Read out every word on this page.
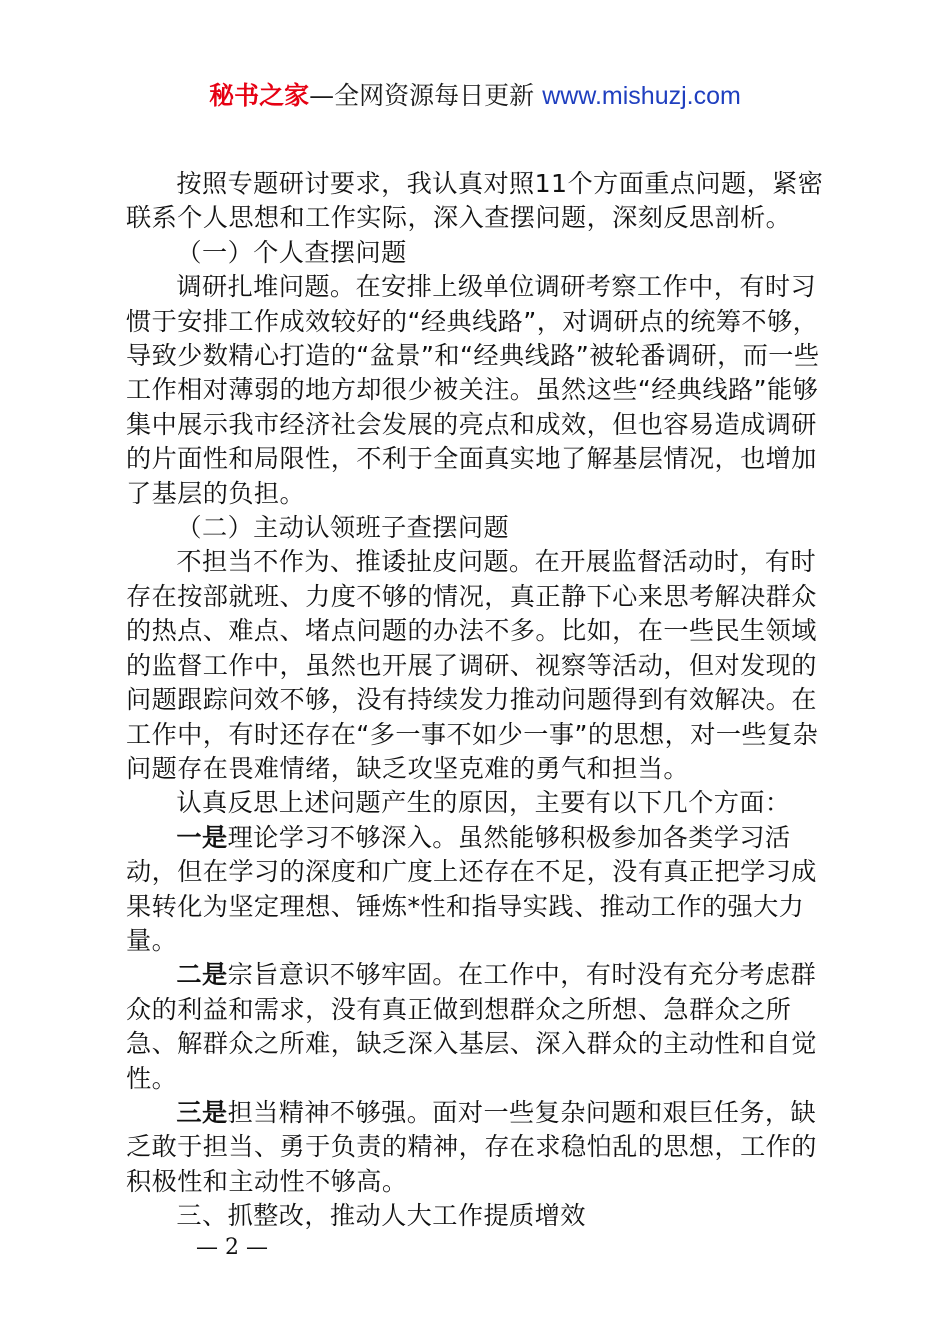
秘书之家—全网资源每日更新 www.mishuzj.com

按照专题研讨要求，我认真对照11个方面重点问题，紧密联系个人思想和工作实际，深入查摆问题，深刻反思剖析。

（一）个人查摆问题

调研扎堆问题。在安排上级单位调研考察工作中，有时习惯于安排工作成效较好的“经典线路”，对调研点的统筹不够，导致少数精心打造的“盆景”和“经典线路”被轮番调研，而一些工作相对薄弱的地方却很少被关注。虽然这些“经典线路”能够集中展示我市经济社会发展的亮点和成效，但也容易造成调研的片面性和局限性，不利于全面真实地了解基层情况，也增加了基层的负担。

（二）主动认领班子查摆问题

不担当不作为、推诿扯皮问题。在开展监督活动时，有时存在按部就班、力度不够的情况，真正静下心来思考解决群众的热点、难点、堵点问题的办法不多。比如，在一些民生领域的监督工作中，虽然也开展了调研、视察等活动，但对发现的问题跟踪问效不够，没有持续发力推动问题得到有效解决。在工作中，有时还存在“多一事不如少一事”的思想，对一些复杂问题存在畏难情绪，缺乏攻坚克难的勇气和担当。

认真反思上述问题产生的原因，主要有以下几个方面：

一是理论学习不够深入。虽然能够积极参加各类学习活动，但在学习的深度和广度上还存在不足，没有真正把学习成果转化为坚定理想、锤炼*性和指导实践、推动工作的强大力量。

二是宗旨意识不够牢固。在工作中，有时没有充分考虑群众的利益和需求，没有真正做到想群众之所想、急群众之所急、解群众之所难，缺乏深入基层、深入群众的主动性和自觉性。

三是担当精神不够强。面对一些复杂问题和艰巨任务，缺乏敢于担当、勇于负责的精神，存在求稳怕乱的思想，工作的积极性和主动性不够高。

三、抓整改，推动人大工作提质增效

— 2 —
